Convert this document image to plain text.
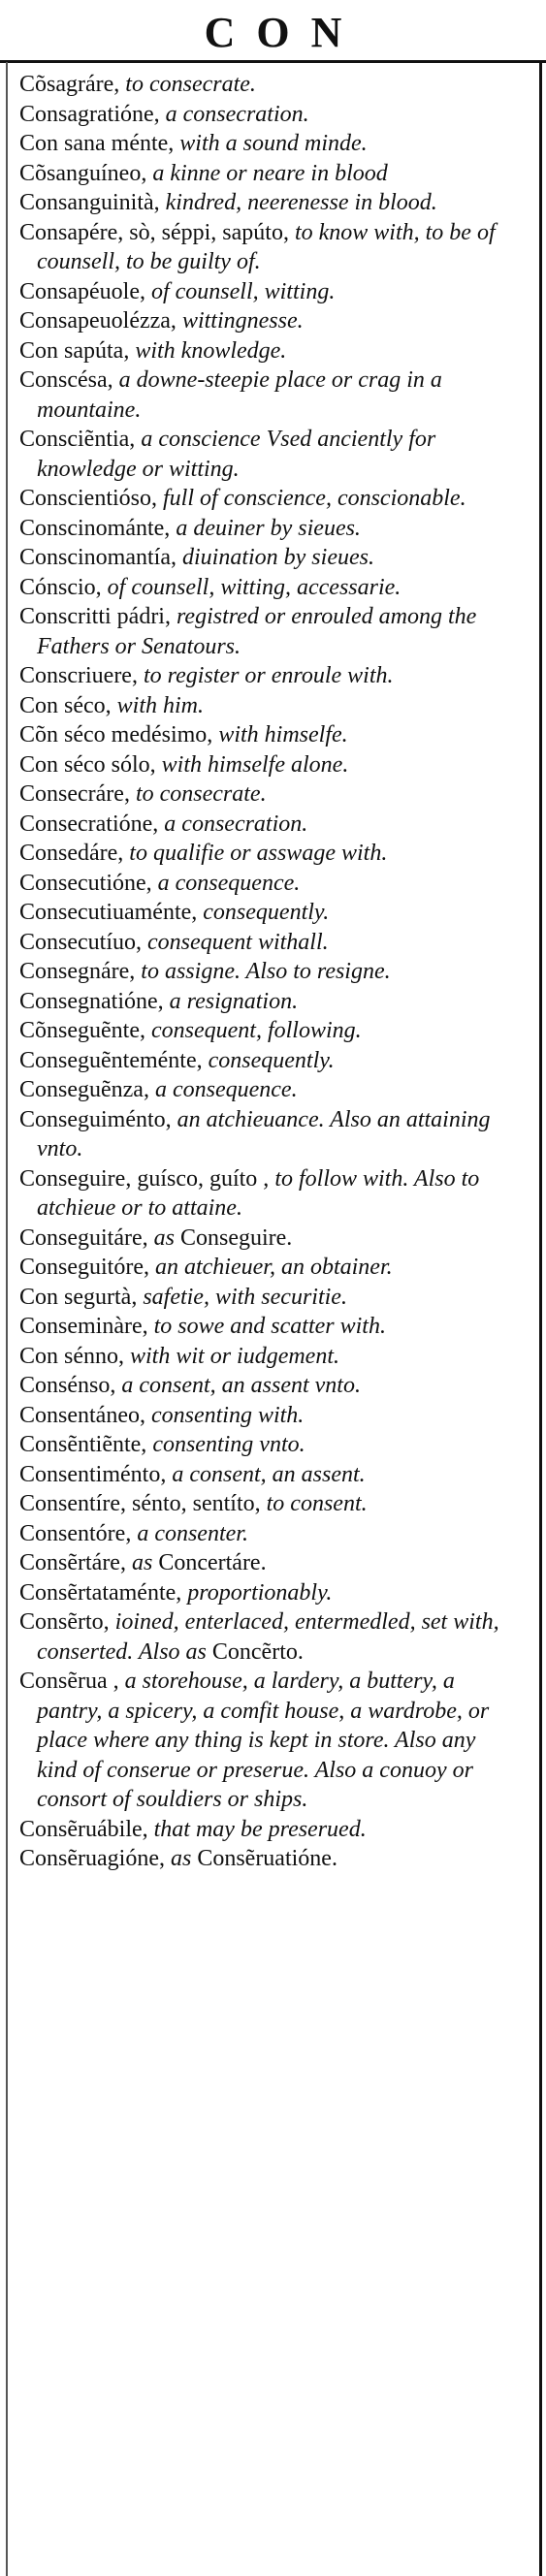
CON

Cõsagráre, to consecrate.

Consagratióne, a consecration.

Con sana ménte, with a sound minde.

Cõsanguíneo, a kinne or neare in blood

Consanguinità, kindred, neerenesse in blood.

Consapére, sò, séppi, sapúto, to know with, to be of counsell, to be guilty of.

Consapéuole, of counsell, witting.

Consapeuolézza, wittingnesse.

Con sapúta, with knowledge.

Conscésa, a downe-steepie place or crag in a mountaine.

Consciẽntia, a conscience Vsed anciently for knowledge or witting.

Conscientióso, full of conscience, conscionable.

Conscinománte, a deuiner by sieues.

Conscinomantía, diuination by sieues.

Cónscio, of counsell, witting, accessarie.

Conscritti pádri, registred or enrouled among the Fathers or Senatours.

Conscriuere, to register or enroule with.

Con séco, with him.

Cõn séco medésimo, with himselfe.

Con séco sólo, with himselfe alone.

Consecráre, to consecrate.

Consecratióne, a consecration.

Consedáre, to qualifie or asswage with.

Consecutióne, a consequence.

Consecutiuaménte, consequently.

Consecutíuo, consequent withall.

Consegnáre, to assigne. Also to resigne.

Consegnatióne, a resignation.

Cõnseguẽnte, consequent, following.

Conseguẽnteménte, consequently.

Conseguẽnza, a consequence.

Conseguiménto, an atchieuance. Also an attaining vnto.

Conseguire, guísco, guíto , to follow with. Also to atchieue or to attaine.

Conseguitáre, as Conseguire.

Conseguitóre, an atchieuer, an obtainer.

Con segurtà, safetie, with securitie.

Conseminàre, to sowe and scatter with.

Con sénno, with wit or iudgement.

Consénso, a consent, an assent vnto.

Consentáneo, consenting with.

Consẽntiẽnte, consenting vnto.

Consentiménto, a consent, an assent.

Consentíre, sénto, sentíto, to consent.

Consentóre, a consenter.

Consẽrtáre, as Concertáre.

Consẽrtataménte, proportionably.

Consẽrto, ioined, enterlaced, entermedled, set with, conserted. Also as Concẽrto.

Consẽrua , a storehouse, a lardery, a buttery, a pantry, a spicery, a comfit house, a wardrobe, or place where any thing is kept in store. Also any kind of conserue or preserue. Also a conuoy or consort of souldiers or ships.

Consẽruábile, that may be preserued.

Consẽruagióne, as Consẽruatióne.
